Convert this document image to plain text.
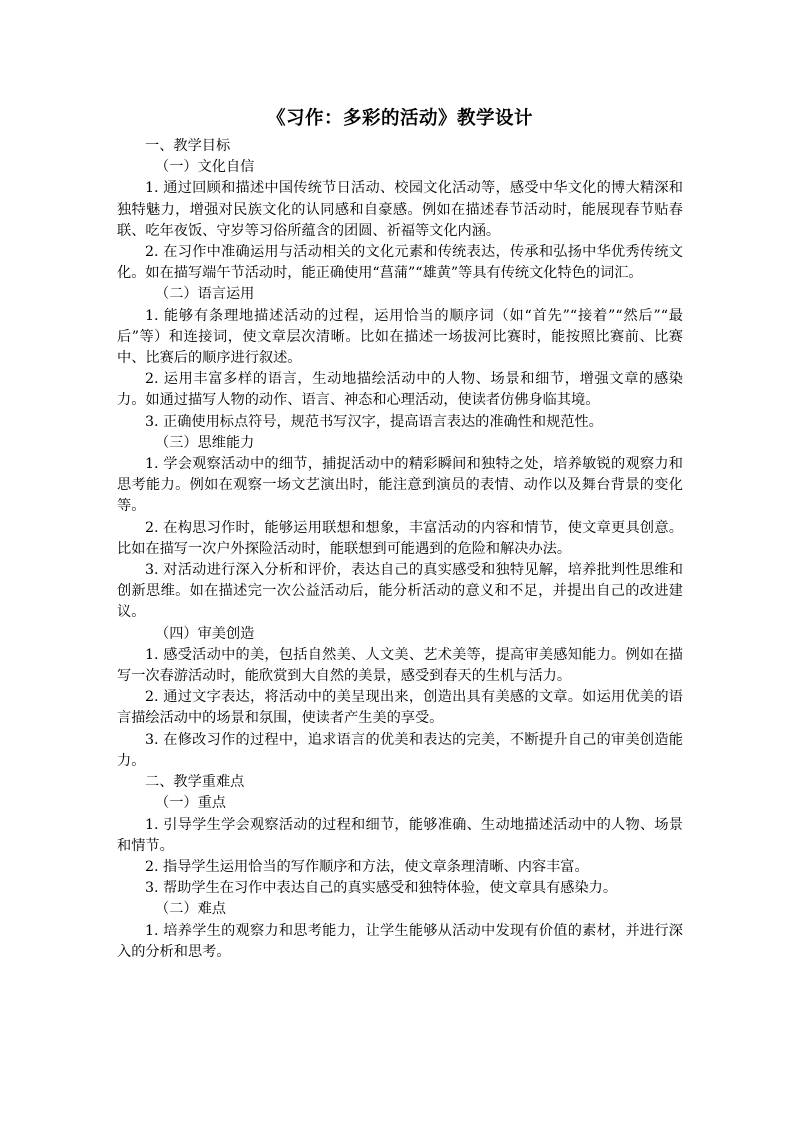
《习作：多彩的活动》教学设计

一、教学目标

（一）文化自信

1. 通过回顾和描述中国传统节日活动、校园文化活动等，感受中华文化的博大精深和独特魅力，增强对民族文化的认同感和自豪感。例如在描述春节活动时，能展现春节贴春联、吃年夜饭、守岁等习俗所蕴含的团圆、祈福等文化内涵。

2. 在习作中准确运用与活动相关的文化元素和传统表达，传承和弘扬中华优秀传统文化。如在描写端午节活动时，能正确使用“菖蒲”“雄黄”等具有传统文化特色的词汇。

（二）语言运用

1. 能够有条理地描述活动的过程，运用恰当的顺序词（如“首先”“接着”“然后”“最后”等）和连接词，使文章层次清晰。比如在描述一场拔河比赛时，能按照比赛前、比赛中、比赛后的顺序进行叙述。

2. 运用丰富多样的语言，生动地描绘活动中的人物、场景和细节，增强文章的感染力。如通过描写人物的动作、语言、神态和心理活动，使读者仿佛身临其境。

3. 正确使用标点符号，规范书写汉字，提高语言表达的准确性和规范性。

（三）思维能力

1. 学会观察活动中的细节，捕捉活动中的精彩瞬间和独特之处，培养敏锐的观察力和思考能力。例如在观察一场文艺演出时，能注意到演员的表情、动作以及舞台背景的变化等。

2. 在构思习作时，能够运用联想和想象，丰富活动的内容和情节，使文章更具创意。比如在描写一次户外探险活动时，能联想到可能遇到的危险和解决办法。

3. 对活动进行深入分析和评价，表达自己的真实感受和独特见解，培养批判性思维和创新思维。如在描述完一次公益活动后，能分析活动的意义和不足，并提出自己的改进建议。

（四）审美创造

1. 感受活动中的美，包括自然美、人文美、艺术美等，提高审美感知能力。例如在描写一次春游活动时，能欣赏到大自然的美景，感受到春天的生机与活力。

2. 通过文字表达，将活动中的美呈现出来，创造出具有美感的文章。如运用优美的语言描绘活动中的场景和氛围，使读者产生美的享受。

3. 在修改习作的过程中，追求语言的优美和表达的完美，不断提升自己的审美创造能力。

二、教学重难点

（一）重点

1. 引导学生学会观察活动的过程和细节，能够准确、生动地描述活动中的人物、场景和情节。

2. 指导学生运用恰当的写作顺序和方法，使文章条理清晰、内容丰富。

3. 帮助学生在习作中表达自己的真实感受和独特体验，使文章具有感染力。

（二）难点

1. 培养学生的观察力和思考能力，让学生能够从活动中发现有价值的素材，并进行深入的分析和思考。
